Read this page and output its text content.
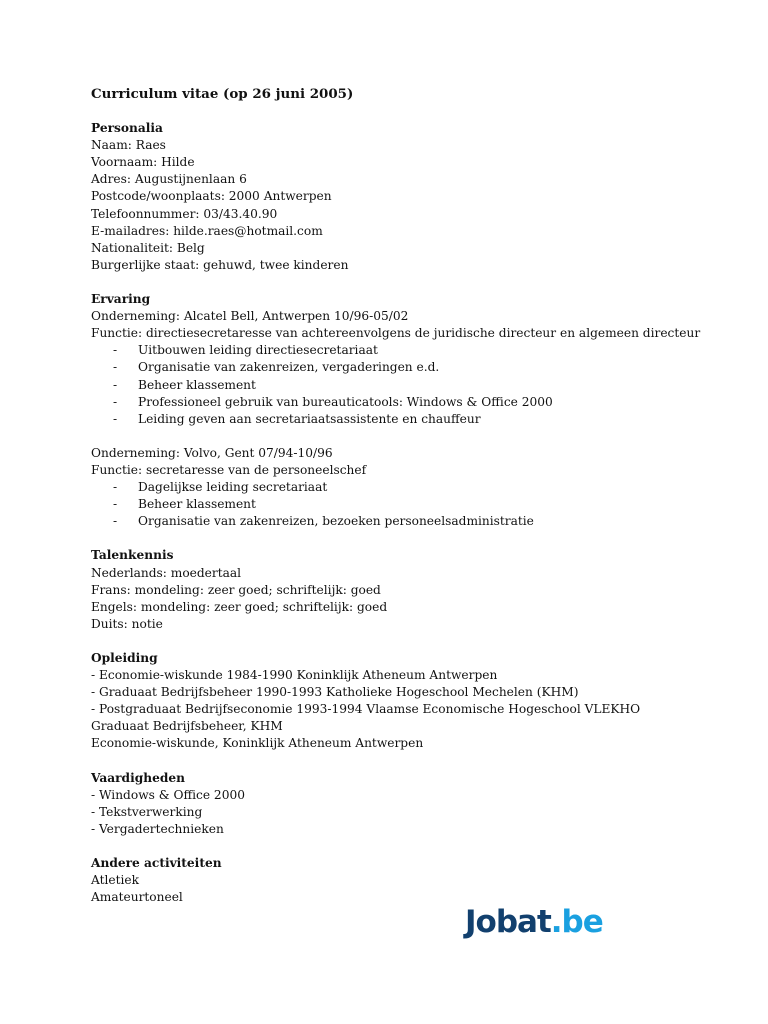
Curriculum vitae (op 26 juni 2005)
Personalia
Naam: Raes
Voornaam: Hilde
Adres: Augustijnenlaan 6
Postcode/woonplaats: 2000 Antwerpen
Telefoonnummer: 03/43.40.90
E-mailadres: hilde.raes@hotmail.com
Nationaliteit: Belg
Burgerlijke staat: gehuwd, twee kinderen
Ervaring
Onderneming: Alcatel Bell, Antwerpen 10/96-05/02
Functie: directiesecretaresse van achtereenvolgens de juridische directeur en algemeen directeur
- Uitbouwen leiding directiesecretariaat
- Organisatie van zakenreizen, vergaderingen e.d.
- Beheer klassement
- Professioneel gebruik van bureauticatools: Windows & Office 2000
- Leiding geven aan secretariaatsassistente en chauffeur
Onderneming: Volvo, Gent 07/94-10/96
Functie: secretaresse van de personeelschef
- Dagelijkse leiding secretariaat
- Beheer klassement
- Organisatie van zakenreizen, bezoeken personeelsadministratie
Talenkennis
Nederlands: moedertaal
Frans: mondeling: zeer goed; schriftelijk: goed
Engels: mondeling: zeer goed; schriftelijk: goed
Duits: notie
Opleiding
- Economie-wiskunde 1984-1990 Koninklijk Atheneum Antwerpen
- Graduaat Bedrijfsbeheer 1990-1993 Katholieke Hogeschool Mechelen (KHM)
- Postgraduaat Bedrijfseconomie 1993-1994 Vlaamse Economische Hogeschool VLEKHO
Graduaat Bedrijfsbeheer, KHM
Economie-wiskunde, Koninklijk Atheneum Antwerpen
Vaardigheden
- Windows & Office 2000
- Tekstverwerking
- Vergadertechnieken
Andere activiteiten
Atletiek
Amateurtoneel
Jobat.be
